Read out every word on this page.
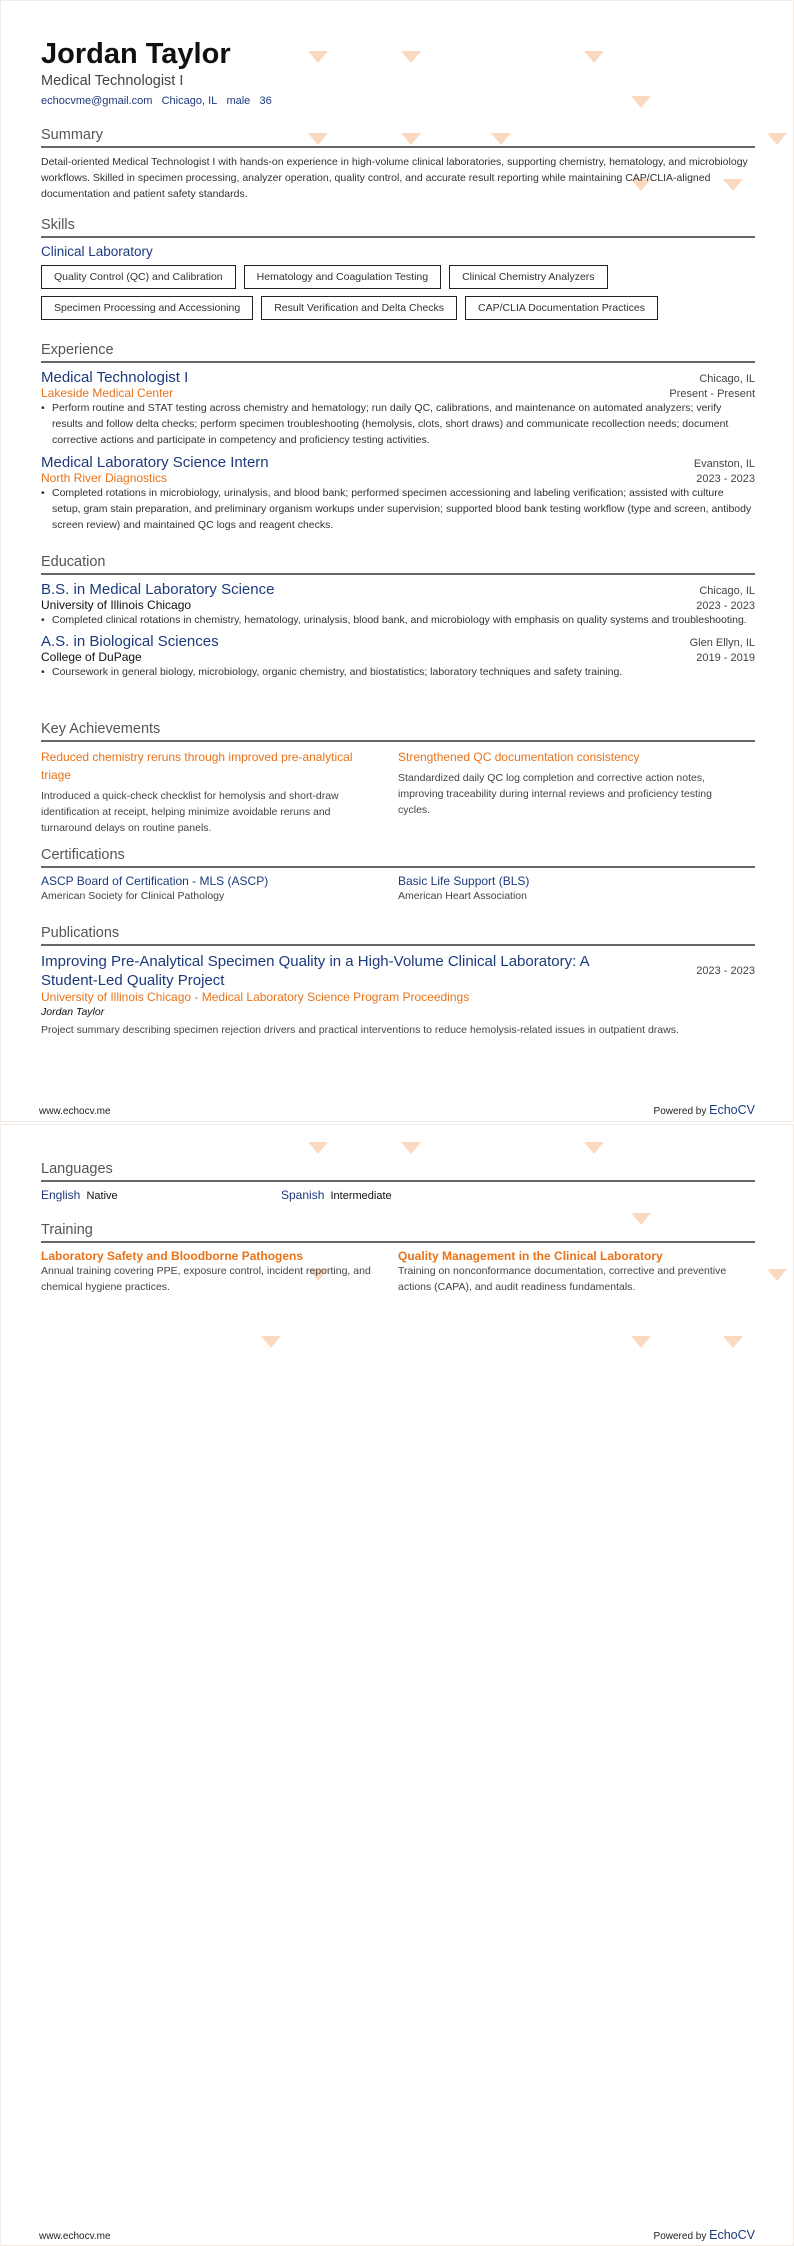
Jordan Taylor
Medical Technologist I
echocvme@gmail.com Chicago, IL male 36
Summary
Detail-oriented Medical Technologist I with hands-on experience in high-volume clinical laboratories, supporting chemistry, hematology, and microbiology workflows. Skilled in specimen processing, analyzer operation, quality control, and accurate result reporting while maintaining CAP/CLIA-aligned documentation and patient safety standards.
Skills
Clinical Laboratory
Quality Control (QC) and Calibration	Hematology and Coagulation Testing	Clinical Chemistry Analyzers
Specimen Processing and Accessioning	Result Verification and Delta Checks	CAP/CLIA Documentation Practices
Experience
Medical Technologist I	Chicago, IL
Lakeside Medical Center	Present - Present
• Perform routine and STAT testing across chemistry and hematology; run daily QC, calibrations, and maintenance on automated analyzers; verify results and follow delta checks; perform specimen troubleshooting (hemolysis, clots, short draws) and communicate recollection needs; document corrective actions and participate in competency and proficiency testing activities.
Medical Laboratory Science Intern	Evanston, IL
North River Diagnostics	2023 - 2023
• Completed rotations in microbiology, urinalysis, and blood bank; performed specimen accessioning and labeling verification; assisted with culture setup, gram stain preparation, and preliminary organism workups under supervision; supported blood bank testing workflow (type and screen, antibody screen review) and maintained QC logs and reagent checks.
Education
B.S. in Medical Laboratory Science	Chicago, IL
University of Illinois Chicago	2023 - 2023
• Completed clinical rotations in chemistry, hematology, urinalysis, blood bank, and microbiology with emphasis on quality systems and troubleshooting.
A.S. in Biological Sciences	Glen Ellyn, IL
College of DuPage	2019 - 2019
• Coursework in general biology, microbiology, organic chemistry, and biostatistics; laboratory techniques and safety training.
Key Achievements
Reduced chemistry reruns through improved pre-analytical triage
Introduced a quick-check checklist for hemolysis and short-draw identification at receipt, helping minimize avoidable reruns and turnaround delays on routine panels.
Strengthened QC documentation consistency
Standardized daily QC log completion and corrective action notes, improving traceability during internal reviews and proficiency testing cycles.
Certifications
ASCP Board of Certification - MLS (ASCP)
American Society for Clinical Pathology
Basic Life Support (BLS)
American Heart Association
Publications
Improving Pre-Analytical Specimen Quality in a High-Volume Clinical Laboratory: A Student-Led Quality Project
2023 - 2023
University of Illinois Chicago - Medical Laboratory Science Program Proceedings
Jordan Taylor
Project summary describing specimen rejection drivers and practical interventions to reduce hemolysis-related issues in outpatient draws.
www.echocv.me	Powered by EchoCV
Languages
English Native	Spanish Intermediate
Training
Laboratory Safety and Bloodborne Pathogens
Annual training covering PPE, exposure control, incident reporting, and chemical hygiene practices.
Quality Management in the Clinical Laboratory
Training on nonconformance documentation, corrective and preventive actions (CAPA), and audit readiness fundamentals.
www.echocv.me	Powered by EchoCV
